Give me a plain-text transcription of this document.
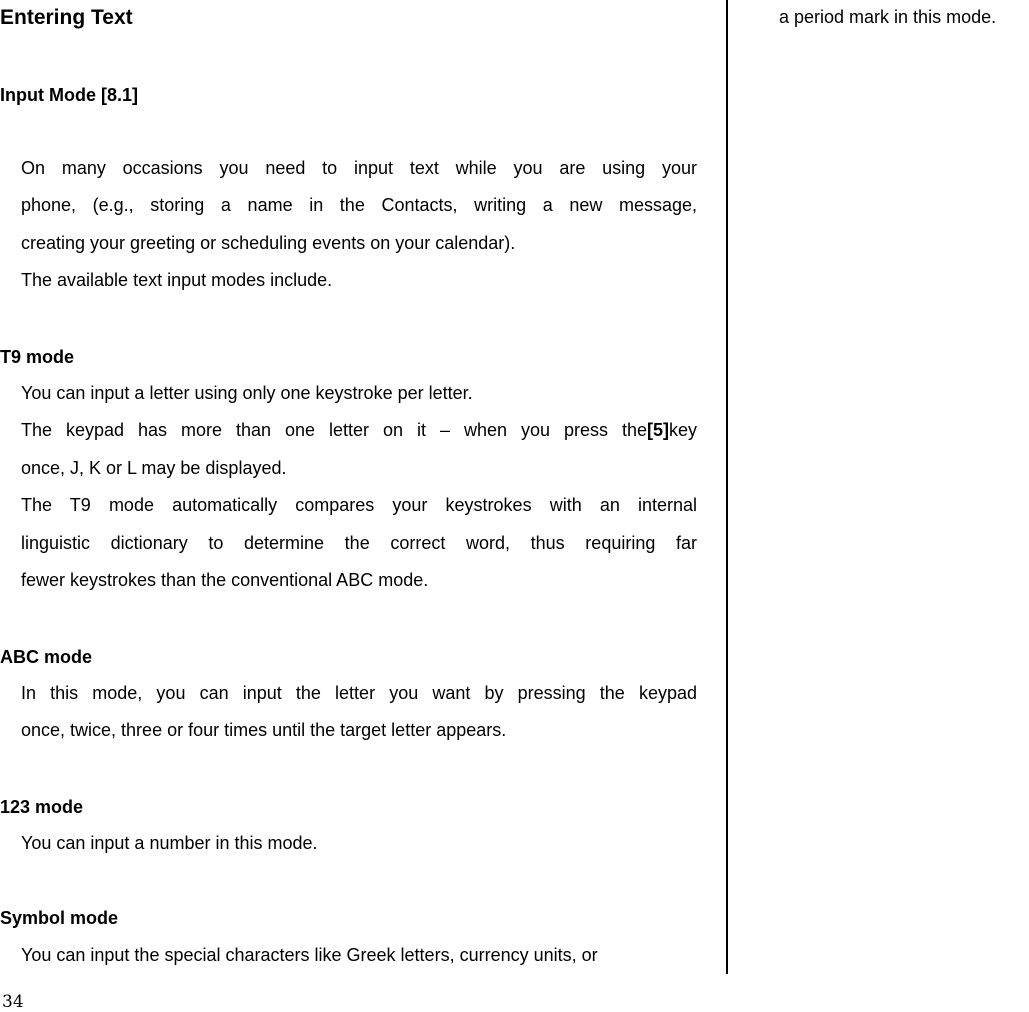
Entering Text
Input Mode [8.1]
On many occasions you need to input text while you are using your
phone, (e.g., storing a name in the Contacts, writing a new message,
creating your greeting or scheduling events on your calendar).
The available text input modes include.
T9 mode
You can input a letter using only one keystroke per letter.
The keypad has more than one letter on it – when you press the[5]key
once, J, K or L may be displayed.
The T9 mode automatically compares your keystrokes with an internal
linguistic dictionary to determine the correct word, thus requiring far
fewer keystrokes than the conventional ABC mode.
ABC mode
In this mode, you can input the letter you want by pressing the keypad
once, twice, three or four times until the target letter appears.
123 mode
You can input a number in this mode.
Symbol mode
You can input the special characters like Greek letters, currency units, or

a period mark in this mode.

34
